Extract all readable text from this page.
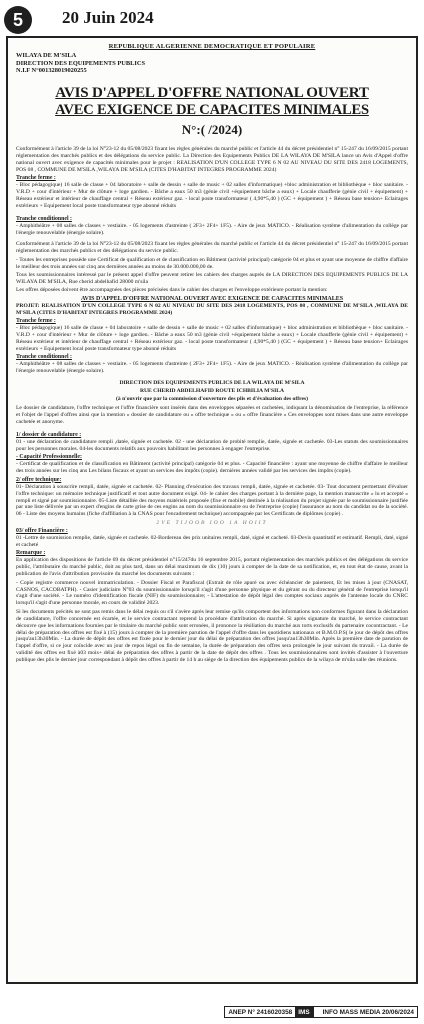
5	20 Juin 2024
REPUBLIQUE ALGERIENNE DEMOCRATIQUE ET POPULAIRE
WILAYA DE M'SILA
DIRECTION DES EQUIPEMENTS PUBLICS
N.I.F N°001328019020255
AVIS D'APPEL D'OFFRE NATIONAL OUVERT
AVEC EXIGENCE DE CAPACITES MINIMALES
N°:( /2024)

Conformément à l'article 39 de la loi N°23-12 du 05/08/2023 fixant les règles générales du marché public et l'article 44 du décret présidentiel n° 15-247 du 16/09/2015 portant réglementation des marchés publics et des délégations du service public. La Direction des Equipements Publics DE LA WILAYA DE M'SILA lance un Avis d'Appel d'offre national ouvert avec exigence de capacités minimales pour le projet : REALISATION D'UN COLLEGE TYPE 6 N 02 AU NIVEAU DU SITE DES 2418 LOGEMENTS, POS 08 , COMMUNE DE M'SILA ,WILAYA DE M'SILA (CITES D'HABITAT INTEGRES PROGRAMME 2024)

Tranche ferme :

- Bloc pédagogique) 16 salle de classe + 04 laboratoire + salle de dessin + salle de music + 02 salles d'informatique) +bloc administration et bibliothèque + bloc sanitaire. - V.R.D + cour d'intérieur + Mur de clôture + loge gardien. - Bâche a eaux 50 m3 (génie civil +équipement bâche a eaux) + Locale chaufferie (génie civil + équipement) + Réseau extérieur et intérieur de chauffage central + Réseau extérieur gaz. - local poste transformateur ( 4,90*5,40 ) (GC + équipement ) + Réseau base tension+ Eclairages extérieurs + Equipement local poste transformateur type abonné réduits

Tranche conditionnel :

- Amphithéâtre + 08 salles de classes + vestiaire. - 05 logements d'astreinte ( 2F3+ 2F4+ 1F5). - Aire de jeux MATICO. - Réalisation système d'alimentation du collège par l'énergie renouvelable (énergie solaire).

Conformément à l'article 39 de la loi N°23-12 du 05/08/2023 fixant les règles générales du marché public et l'article 44 du décret présidentiel n° 15-247 du 16/09/2015 portant réglementation des marchés publics et des délégations du service public.

- Toutes les entreprises possède une Certificat de qualification et de classification en Bâtiment (activité principal) catégorie 04 et plus et ayant une moyenne de chiffre d'affaire le meilleur des trois années sur cinq ans dernières années au moins de 30.000.000,00 de.

Tous les soumissionnaires intéressé par le présent appel d'offre peuvent retirer les cahiers des charges auprès de LA DIRECTION DES EQUIPEMENTS PUBLICS DE LA WILAYA DE M'SILA, Rue cherid abdelhafid 28000 m'sila

Les offres déposées doivent être accompagnées des pièces précisées dans le cahier des charges et l'enveloppe extérieure portant la mention:

AVIS D'APPEL D'OFFRE NATIONAL OUVERT AVEC EXIGENCE DE CAPACITES MINIMALES

PROJET: REALISATION D'UN COLLEGE TYPE 6 N 02 AU NIVEAU DU SITE DES 2418 LOGEMENTS, POS 08 , COMMUNE DE M'SILA ,WILAYA DE M'SILA (CITES D'HABITAT INTEGRES PROGRAMME 2024)

Tranche ferme :

- Bloc pédagogique) 16 salle de classe + 04 laboratoire + salle de dessin + salle de music + 02 salles d'informatique) + bloc administration et bibliothèque + bloc sanitaire. - V.R.D + cour d'intérieur + Mur de clôture + loge gardien. - Bâche a eaux 50 m3 (génie civil +équipement bâche a eaux) + Locale chaufferie (génie civil + équipement) + Réseau extérieur et intérieur de chauffage central + Réseau extérieur gaz. - local poste transformateur ( 4,90*5,40 ) (GC + équipement ) + Réseau base tension+ Eclairages extérieurs + Equipement local poste transformateur type abonné réduits

Tranche conditionnel :

- Amphithéâtre + 08 salles de classes + vestiaire. - 05 logements d'astreinte ( 2F3+ 2F4+ 1F5). - Aire de jeux MATICO. - Réalisation système d'alimentation du collège par l'énergie renouvelable (énergie solaire).

DIRECTION DES EQUIPEMENTS PUBLICS DE LA WILAYA DE M'SILA

RUE CHERID ABDELHAFID ROUTE ICHBILIA M'SILA

(à n'ouvrir que par la commission d'ouverture des plis et d'évaluation des offres)

Le dossier de candidature, l'offre technique et l'offre financière sont insérés dans des enveloppes séparées et cachetées, indiquant la dénomination de l'entreprise, la référence et l'objet de l'appel d'offres ainsi que la mention « dossier de candidature ou « offre technique » ou « offre financière » Ces enveloppes sont mises dans une autre enveloppe cachetée et anonyme.

1/ dossier de candidature :

01 - une déclaration de candidature rempli ,datée, signée et cachetée. 02 - une déclaration de probité remplie, datée, signée et cachetée. 03-Les statuts des soumissionnaires pour les personnes morales. 04-les documents relatifs aux pouvoirs habilitant les personnes à engager l'entreprise.

- Capacité Professionnelle:

- Certificat de qualification et de classification en Bâtiment (activité principal) catégorie 04 et plus. - Capacité financière : ayant une moyenne de chiffre d'affaire le meilleur des trois années sur les cinq ans Les bilans fiscaux et ayant un services des impôts (copie). dernières années validé par les services des impôts (copie).

2/ offre technique:

01- Déclaration à souscrire rempli, datée, signée et cachetée. 02- Planning d'exécution des travaux rempli, datée, signée et cachetée. 03- Tout document permettant d'évaluer l'offre technique: un mémoire technique justificatif et tout autre document exigé. 04- le cahier des charges portant à la dernière page, la mention manuscrite « lu et accepté » rempli et signé par soumissionnaire. 05-Liste détaillée des moyens matériels proposée (fixe et mobile) destinée à la réalisation du projet signée par le soumissionnaire justifiée par une liste délivrée par un expert d'engins de carte grise de ces engins au nom du soumissionnaire ou de l'entreprise (copie) l'assurance au nom du candidat ou de la société. 06 - Liste des moyens humains (fiche d'affiliation à la CNAS pour l'encadrement technique) accompagnée par les Certificats de diplômes (copie) .

2VE TIJOOB IOO 1A HOIIT

03/ offre Financière :

01 -Lettre de soumission remplie, datée, signée et cachetée. 02-Bordereau des prix unitaires rempli, daté, signé et cacheté. 03-Devis quantitatif et estimatif. Rempli, daté, signé et cacheté

Remarque :

En application des dispositions de l'article 69 du décret présidentiel n°15/247du 16 septembre 2015, portant réglementation des marchés publics et des délégations du service public, l'attributaire du marché public, doit au plus tard, dans un délai maximum de dix (10) jours à compter de la date de sa notification, et, en tout état de cause, avant la publication de l'avis d'attribution provisoire du marché les documents suivants :

- Copie registre commerce nouvel immatriculation. - Dossier Fiscal et Parafiscal (Extrait de rôle apuré ou avec échéancier de paiement, Et les mises à jour (CNASAT, CASNOS, CACOBATPH). - Casier judiciaire N°03 du soumissionnaire lorsqu'il s'agit d'une personne physique et du gérant ou du directeur général de l'entreprise lorsqu'il s'agit d'une société. - Le numéro d'identification fiscale (NIF) du soumissionnaire; - L'attestation de dépôt légal des comptes sociaux auprès de l'antenne locale du CNRC lorsqu'il s'agit d'une personne morale, en cours de validité 2023.

Si les documents précités ne sont pas remis dans le délai requis ou s'il s'avère après leur remise qu'ils comportent des informations non conformes figurant dans la déclaration de candidature, l'offre concernée est écartée, et le service contractant reprend la procédure d'attribution du marché. Si après signature du marché, le service contractant découvre que les informations fournies par le titulaire du marché public sont erronées, il prononce la résiliation du marché aux torts exclusifs du partenaire cocontractant. - Le délai de préparation des offres est fixé à (15) jours à compter de la première parution de l'appel d'offre dans les quotidiens nationaux et B.M.O.P.S( le jour de dépôt des offres jusqu'au13h30Min. - La durée de dépôt des offres est fixée pour le dernier jour du délai de préparation des offres jusqu'au13h30Min. Après la première date de parution de l'appel d'offre, si ce jour coïncide avec un jour de repos légal ou fin de semaine, la durée de préparation des offres sera prolongée le jour suivant du travail. - La durée de validité des offres est fixé à03 mois+ délai de préparation des offres à partir de la date de dépôt des offres . Tous les soumissionnaires sont invités d'assister à l'ouverture publique des plis le dernier jour correspondant à dépôt des offres à partir de 14 h au siège de la direction des équipements publics de la wilaya de m'sila salle des réunions.

ANEP N° 2416020358 IMS	INFO MASS MEDIA 20/06/2024
